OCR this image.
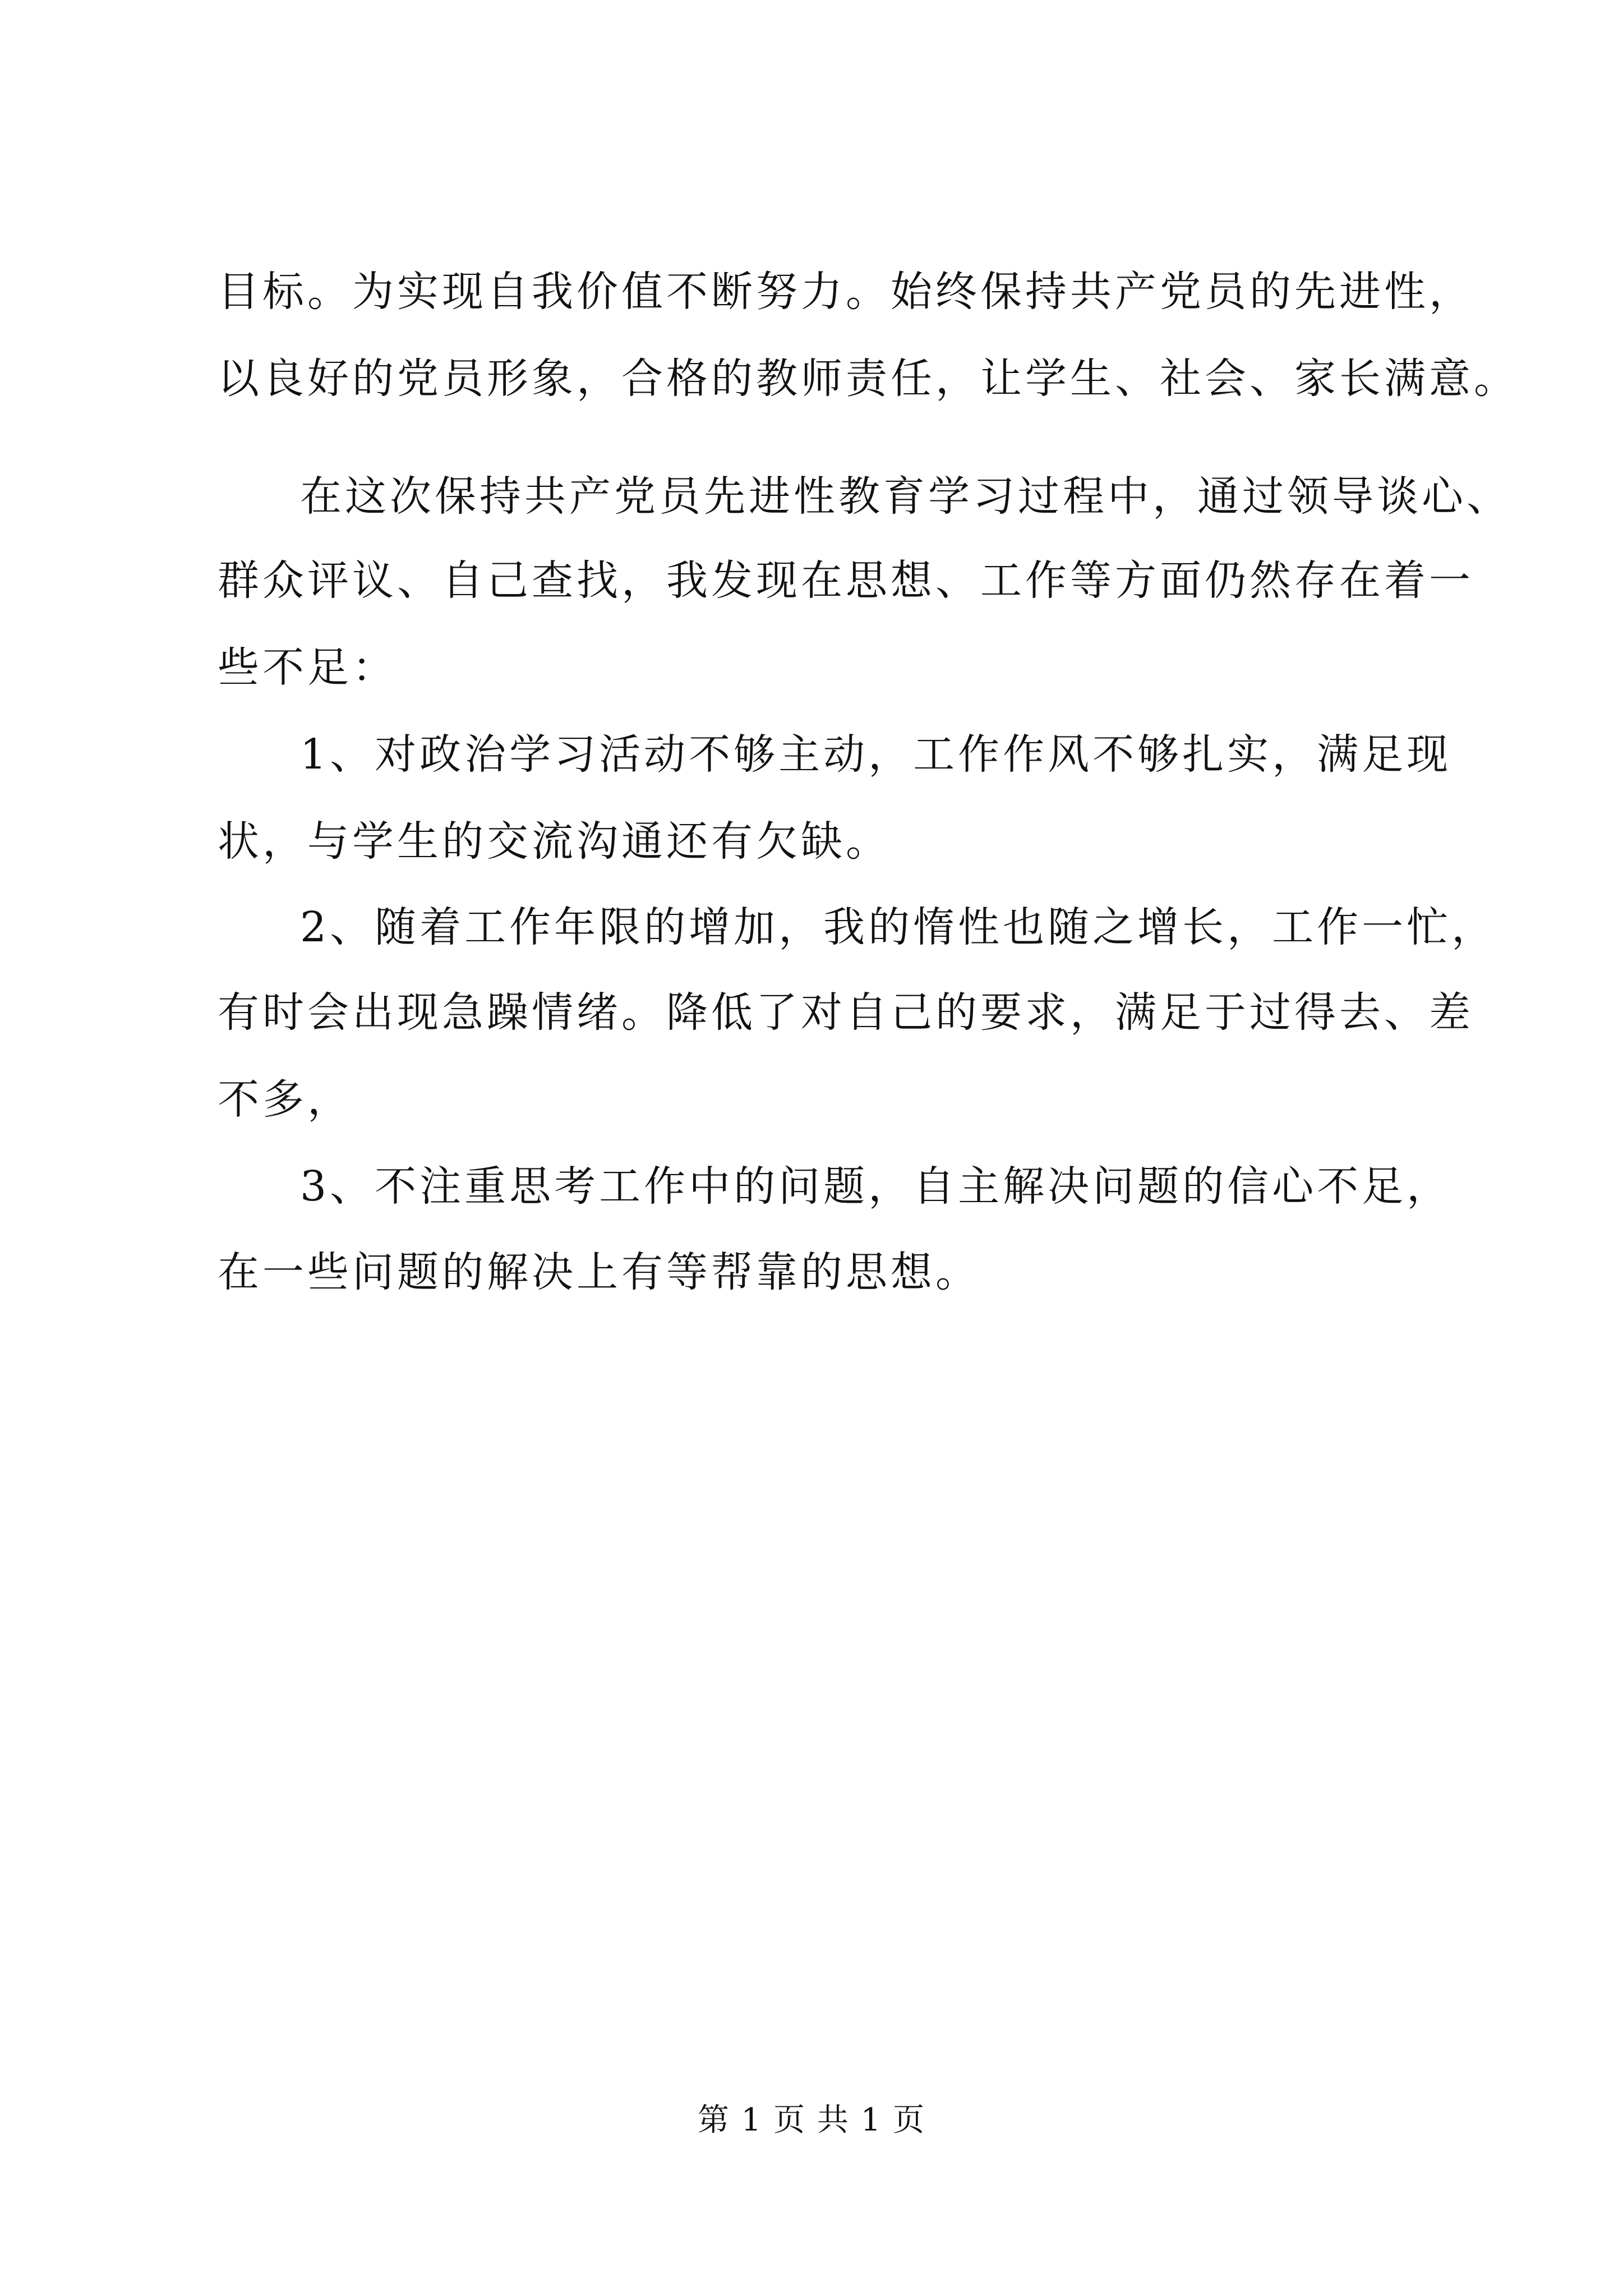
目标。为实现自我价值不断努力。始终保持共产党员的先进性，

以良好的党员形象，合格的教师责任，让学生、社会、家长满意。

在这次保持共产党员先进性教育学习过程中，通过领导谈心、

群众评议、自己查找，我发现在思想、工作等方面仍然存在着一

些不足：

1、对政治学习活动不够主动，工作作风不够扎实，满足现

状，与学生的交流沟通还有欠缺。

2、随着工作年限的增加，我的惰性也随之增长，工作一忙，

有时会出现急躁情绪。降低了对自己的要求，满足于过得去、差

不多，

3、不注重思考工作中的问题，自主解决问题的信心不足，

在一些问题的解决上有等帮靠的思想。

第 1 页 共 1 页
